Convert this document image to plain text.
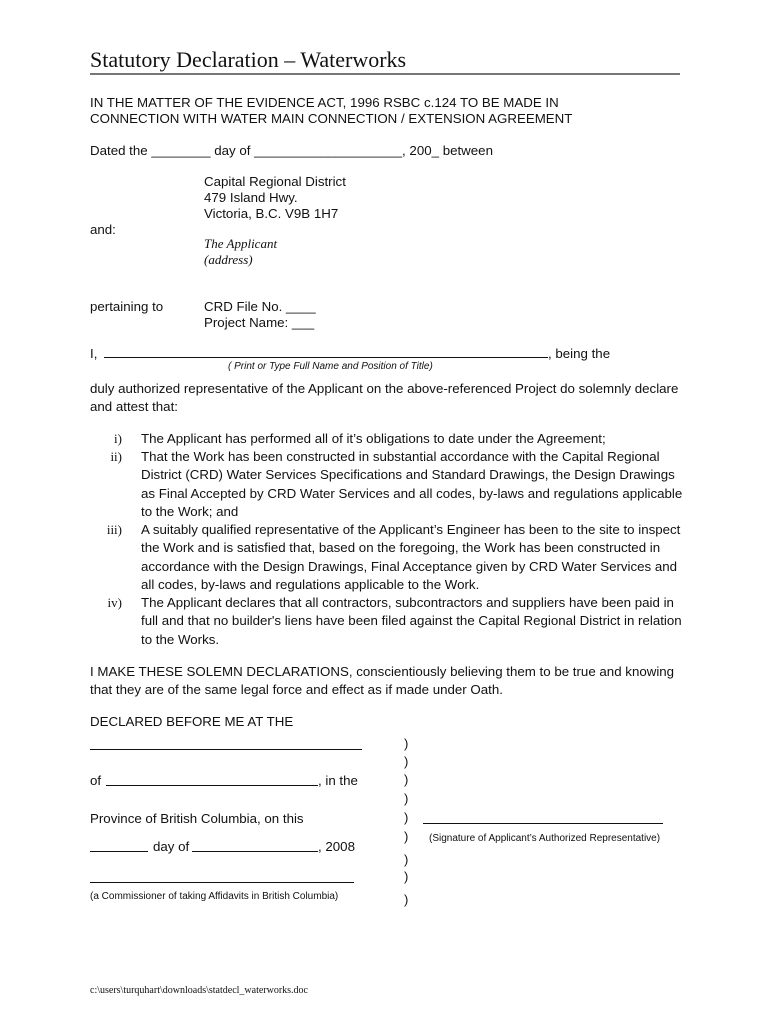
Statutory Declaration – Waterworks
IN THE MATTER OF THE EVIDENCE ACT, 1996 RSBC c.124 TO BE MADE IN
CONNECTION WITH WATER MAIN CONNECTION / EXTENSION AGREEMENT
Dated the ________ day of ____________________, 200_ between
Capital Regional District
479 Island Hwy.
Victoria, B.C. V9B 1H7
and:
The Applicant
(address)
pertaining to	CRD File No. ____
Project Name: ___
I,	, being the
( Print or Type Full Name and Position of Title)
duly authorized representative of the Applicant on the above-referenced Project do solemnly declare and attest that:
i) The Applicant has performed all of it’s obligations to date under the Agreement;
ii) That the Work has been constructed in substantial accordance with the Capital Regional District (CRD) Water Services Specifications and Standard Drawings, the Design Drawings as Final Accepted by CRD Water Services and all codes, by-laws and regulations applicable to the Work; and
iii) A suitably qualified representative of the Applicant’s Engineer has been to the site to inspect the Work and is satisfied that, based on the foregoing, the Work has been constructed in accordance with the Design Drawings, Final Acceptance given by CRD Water Services and all codes, by-laws and regulations applicable to the Work.
iv) The Applicant declares that all contractors, subcontractors and suppliers have been paid in full and that no builder's liens have been filed against the Capital Regional District in relation to the Works.
I MAKE THESE SOLEMN DECLARATIONS, conscientiously believing them to be true and knowing that they are of the same legal force and effect as if made under Oath.
DECLARED BEFORE ME AT THE
of	, in the
Province of British Columbia, on this
day of	, 2008
(a Commissioner of taking Affidavits in British Columbia)
)
)
)
)
)
)
)
)
)
(Signature of Applicant’s Authorized Representative)
c:\users\turquhart\downloads\statdecl_waterworks.doc
